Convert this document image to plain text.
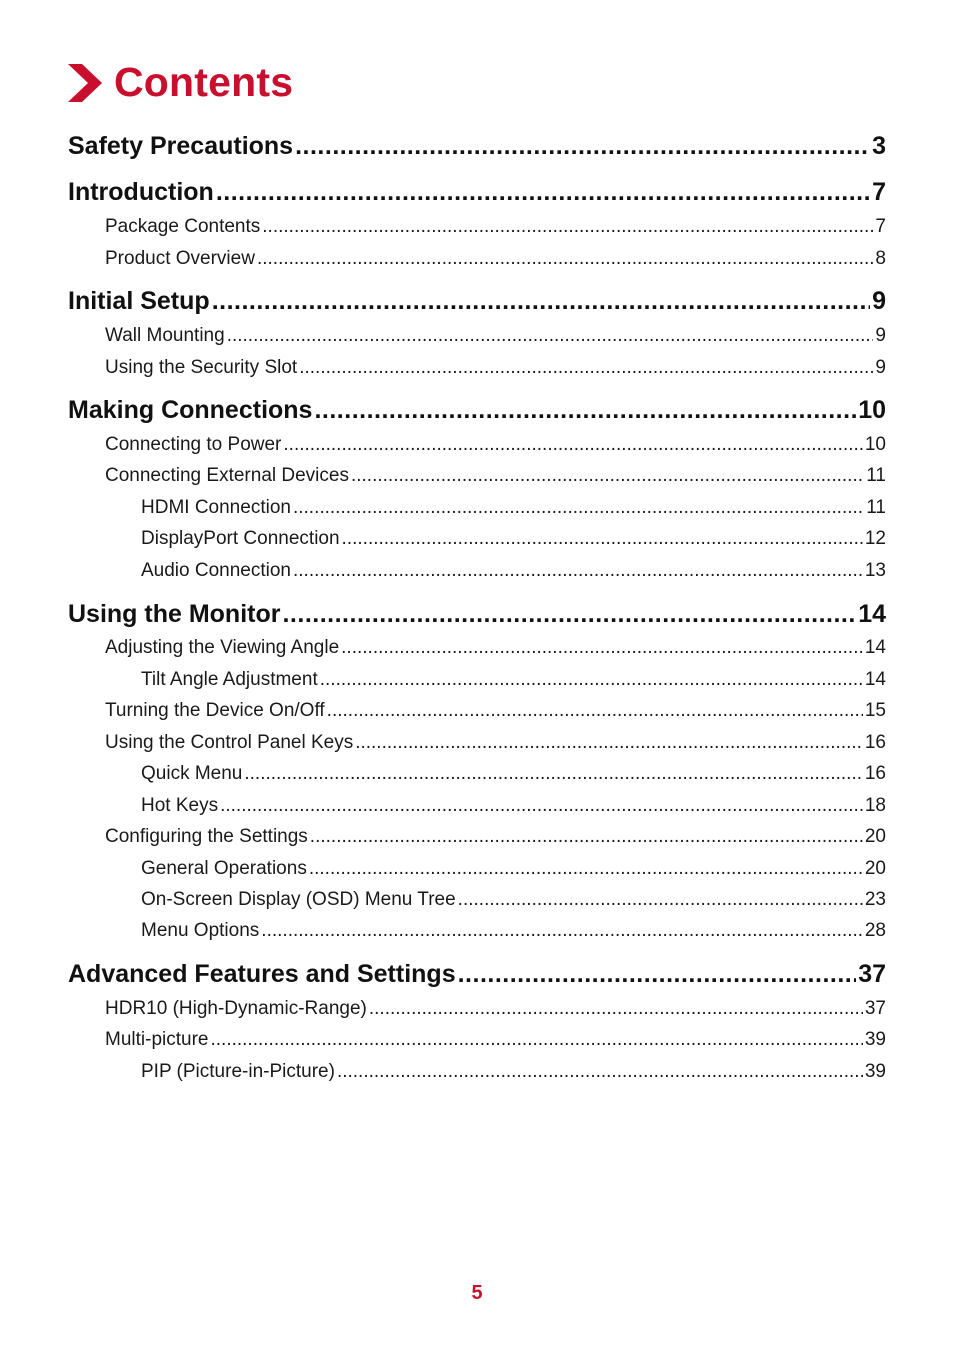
Contents
Safety Precautions .....	3
Introduction .....	7
Package Contents .....	7
Product Overview .....	8
Initial Setup .....	9
Wall Mounting .....	9
Using the Security Slot .....	9
Making Connections .....	10
Connecting to Power .....	10
Connecting External Devices .....	11
HDMI Connection .....	11
DisplayPort Connection .....	12
Audio Connection .....	13
Using the Monitor .....	14
Adjusting the Viewing Angle .....	14
Tilt Angle Adjustment .....	14
Turning the Device On/Off .....	15
Using the Control Panel Keys .....	16
Quick Menu .....	16
Hot Keys .....	18
Configuring the Settings .....	20
General Operations .....	20
On-Screen Display (OSD) Menu Tree .....	23
Menu Options .....	28
Advanced Features and Settings .....	37
HDR10 (High-Dynamic-Range) .....	37
Multi-picture .....	39
PIP (Picture-in-Picture) .....	39
5
